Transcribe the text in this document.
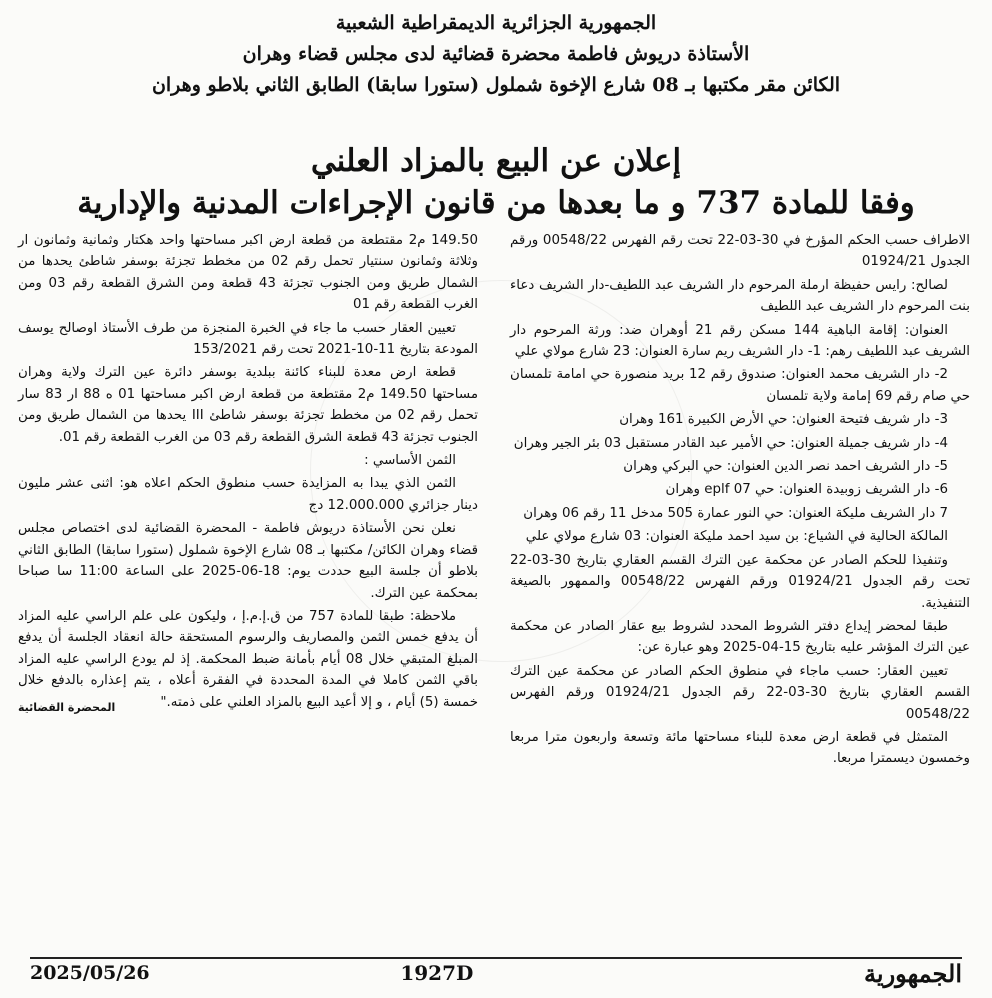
الجمهورية الجزائرية الديمقراطية الشعبية
الأستاذة دريوش فاطمة محضرة قضائية لدى مجلس قضاء وهران
الكائن مقر مكتبها بـ 08 شارع الإخوة شملول (ستورا سابقا) الطابق الثاني بلاطو وهران
إعلان عن البيع بالمزاد العلني
وفقا للمادة 737 و ما بعدها من قانون الإجراءات المدنية والإدارية

الاطراف حسب الحكم المؤرخ في 30-03-22 تحت رقم الفهرس 00548/22 ورقم الجدول 01924/21

لصالح: رايس حفيظة ارملة المرحوم دار الشريف عبد اللطيف-دار الشريف دعاء بنت المرحوم دار الشريف عبد اللطيف

العنوان: إقامة الباهية 144 مسكن رقم 21 أوهران ضد: ورثة المرحوم دار الشريف عبد اللطيف رهم: 1- دار الشريف ريم سارة العنوان: 23 شارع مولاي علي

2- دار الشريف محمد العنوان: صندوق رقم 12 بريد منصورة حي امامة تلمسان حي صام رقم 69 إمامة ولاية تلمسان

3- دار شريف فتيحة العنوان: حي الأرض الكبيرة 161 وهران

4- دار شريف جميلة العنوان: حي الأمير عبد القادر مستقبل 03 بئر الجير وهران

5- دار الشريف احمد نصر الدين العنوان: حي البركي وهران

6- دار الشريف زوبيدة العنوان: حي 07 eplf وهران

7 دار الشريف مليكة العنوان: حي النور عمارة 505 مدخل 11 رقم 06 وهران

المالكة الحالية في الشياع: بن سيد احمد مليكة العنوان: 03 شارع مولاي علي

وتنفيذا للحكم الصادر عن محكمة عين الترك القسم العقاري بتاريخ 30-03-22 تحت رقم الجدول 01924/21 ورقم الفهرس 00548/22 والممهور بالصيغة التنفيذية.

طبقا لمحضر إيداع دفتر الشروط المحدد لشروط بيع عقار الصادر عن محكمة عين الترك المؤشر عليه بتاريخ 15-04-2025 وهو عبارة عن:

تعيين العقار: حسب ماجاء في منطوق الحكم الصادر عن محكمة عين الترك القسم العقاري بتاريخ 30-03-22 رقم الجدول 01924/21 ورقم الفهرس 00548/22

المتمثل في قطعة ارض معدة للبناء مساحتها مائة وتسعة واربعون مترا مربعا وخمسون ديسمترا مربعا.

149.50 م2 مقتطعة من قطعة ارض اكبر مساحتها واحد هكتار وثمانية وثمانون ار وثلاثة وثمانون سنتيار تحمل رقم 02 من مخطط تجزئة بوسفر شاطئ يحدها من الشمال طريق ومن الجنوب تجزئة 43 قطعة ومن الشرق القطعة رقم 03 ومن الغرب القطعة رقم 01

تعيين العقار حسب ما جاء في الخبرة المنجزة من طرف الأستاذ اوصالح يوسف المودعة بتاريخ 11-10-2021 تحت رقم 153/2021

قطعة ارض معدة للبناء كائنة ببلدية بوسفر دائرة عين الترك ولاية وهران مساحتها 149.50 م2 مقتطعة من قطعة ارض اكبر مساحتها 01 ه 88 ار 83 سار تحمل رقم 02 من مخطط تجزئة بوسفر شاطئ III يحدها من الشمال طريق ومن الجنوب تجزئة 43 قطعة الشرق القطعة رقم 03 من الغرب القطعة رقم 01.

الثمن الأساسي :

الثمن الذي يبدا به المزايدة حسب منطوق الحكم اعلاه هو: اثنى عشر مليون دينار جزائري 12.000.000 دج

نعلن نحن الأستاذة دريوش فاطمة - المحضرة القضائية لدى اختصاص مجلس قضاء وهران الكائن/ مكتبها بـ 08 شارع الإخوة شملول (ستورا سابقا) الطابق الثاني بلاطو أن جلسة البيع حددت يوم: 18-06-2025 على الساعة 11:00 سا صباحا بمحكمة عين الترك.

ملاحظة: طبقا للمادة 757 من ق.إ.م.إ ، وليكون على علم الراسي عليه المزاد أن يدفع خمس الثمن والمصاريف والرسوم المستحقة حالة انعقاد الجلسة أن يدفع المبلغ المتبقي خلال 08 أيام بأمانة ضبط المحكمة. إذ لم يودع الراسي عليه المزاد باقي الثمن كاملا في المدة المحددة في الفقرة أعلاه ، يتم إعذاره بالدفع خلال خمسة (5) أيام ، و إلا أعيد البيع بالمزاد العلني على ذمته."

المحضرة القضائية

الجمهورية
1927D
2025/05/26
